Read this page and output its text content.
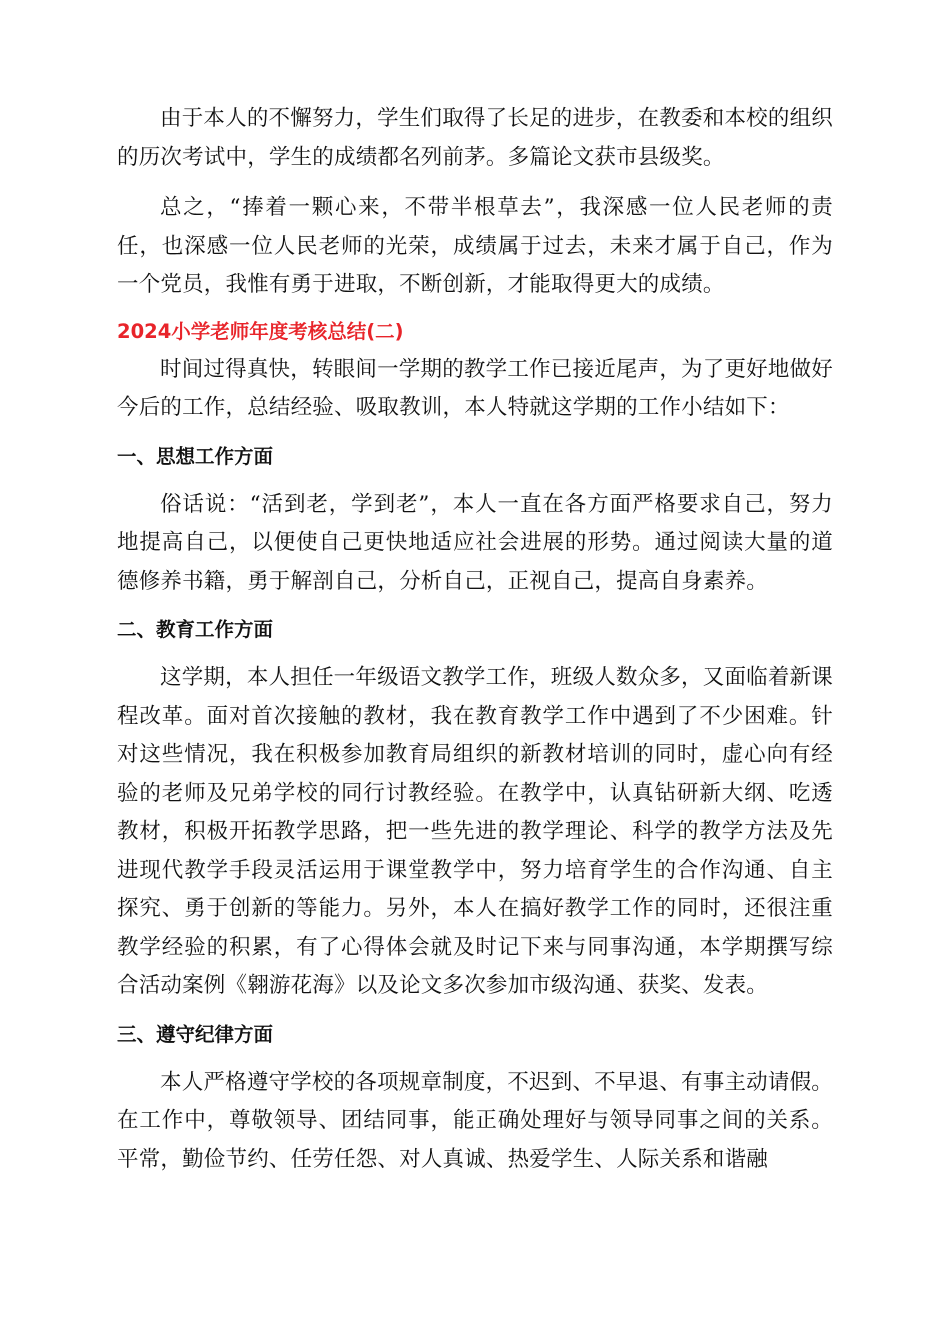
由于本人的不懈努力，学生们取得了长足的进步，在教委和本校的组织的历次考试中，学生的成绩都名列前茅。多篇论文获市县级奖。

总之，“捧着一颗心来，不带半根草去”，我深感一位人民老师的责任，也深感一位人民老师的光荣，成绩属于过去，未来才属于自己，作为一个党员，我惟有勇于进取，不断创新，才能取得更大的成绩。

2024小学老师年度考核总结(二)

时间过得真快，转眼间一学期的教学工作已接近尾声，为了更好地做好今后的工作，总结经验、吸取教训，本人特就这学期的工作小结如下：

一、思想工作方面

俗话说：“活到老，学到老”，本人一直在各方面严格要求自己，努力地提高自己，以便使自己更快地适应社会进展的形势。通过阅读大量的道德修养书籍，勇于解剖自己，分析自己，正视自己，提高自身素养。

二、教育工作方面

这学期，本人担任一年级语文教学工作，班级人数众多，又面临着新课程改革。面对首次接触的教材，我在教育教学工作中遇到了不少困难。针对这些情况，我在积极参加教育局组织的新教材培训的同时，虚心向有经验的老师及兄弟学校的同行讨教经验。在教学中，认真钻研新大纲、吃透教材，积极开拓教学思路，把一些先进的教学理论、科学的教学方法及先进现代教学手段灵活运用于课堂教学中，努力培育学生的合作沟通、自主探究、勇于创新的等能力。另外，本人在搞好教学工作的同时，还很注重教学经验的积累，有了心得体会就及时记下来与同事沟通，本学期撰写综合活动案例《翱游花海》以及论文多次参加市级沟通、获奖、发表。

三、遵守纪律方面

本人严格遵守学校的各项规章制度，不迟到、不早退、有事主动请假。在工作中，尊敬领导、团结同事，能正确处理好与领导同事之间的关系。平常，勤俭节约、任劳任怨、对人真诚、热爱学生、人际关系和谐融
